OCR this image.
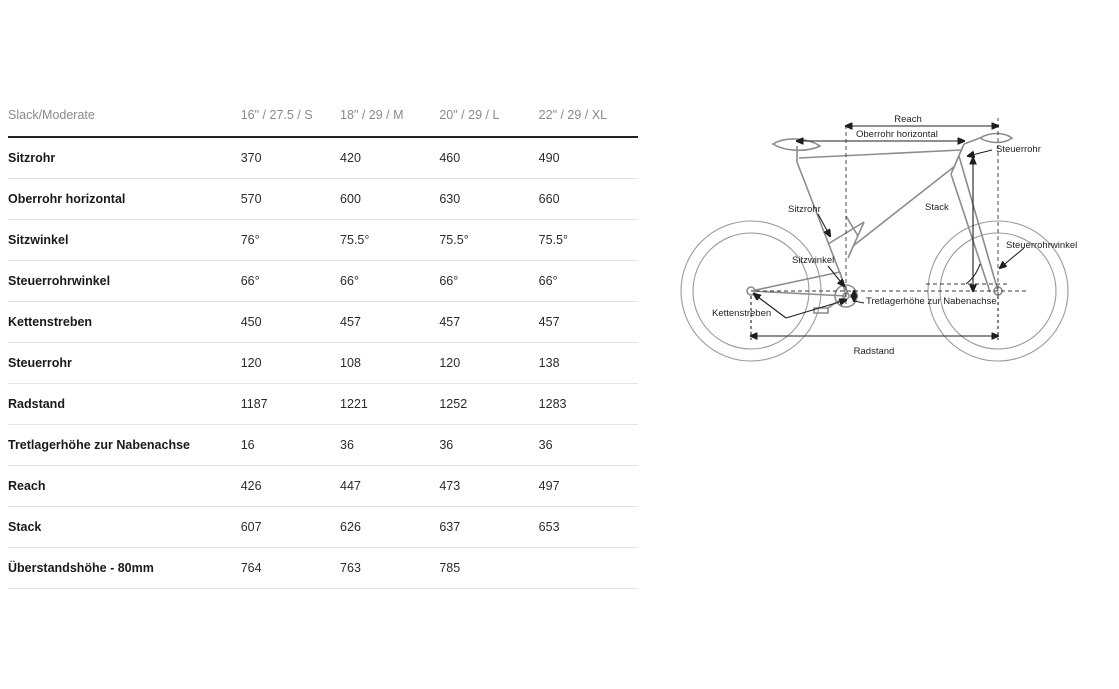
Slack/Moderate	16" / 27.5 / S	18" / 29 / M	20" / 29 / L	22" / 29 / XL
Sitzrohr	370	420	460	490
Oberrohr horizontal	570	600	630	660
Sitzwinkel	76°	75.5°	75.5°	75.5°
Steuerrohrwinkel	66°	66°	66°	66°
Kettenstreben	450	457	457	457
Steuerrohr	120	108	120	138
Radstand	1187	1221	1252	1283
Tretlagerhöhe zur Nabenachse	16	36	36	36
Reach	426	447	473	497
Stack	607	626	637	653
Überstandshöhe - 80mm	764	763	785	
Reach
Oberrohr horizontal
Steuerrohr
Stack
Sitzrohr
Sitzwinkel
Steuerrohrwinkel
Tretlagerhöhe zur Nabenachse
Kettenstreben
Radstand
